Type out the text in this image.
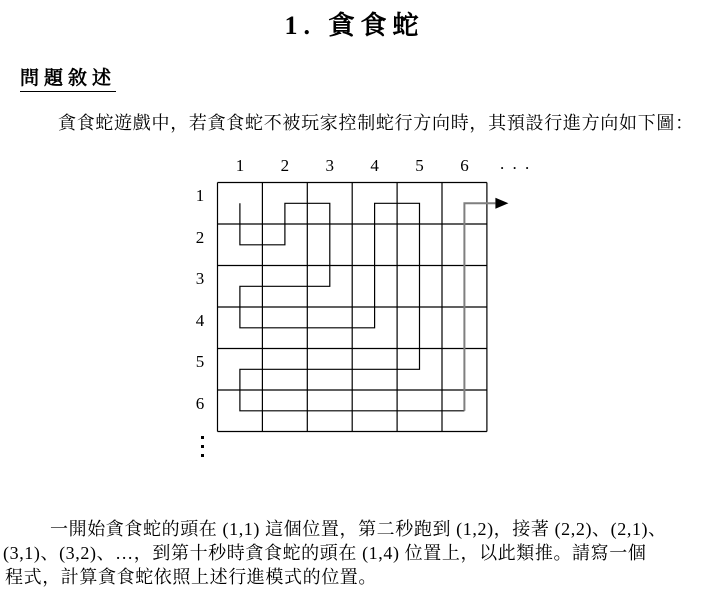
1. 貪食蛇
問題敘述
貪食蛇遊戲中，若貪食蛇不被玩家控制蛇行方向時，其預設行進方向如下圖：
1	2	3	4	5	6	. . .
1
2
3
4
5
6
一開始貪食蛇的頭在 (1,1) 這個位置，第二秒跑到 (1,2)，接著 (2,2)、(2,1)、
(3,1)、(3,2)、…，到第十秒時貪食蛇的頭在 (1,4) 位置上，以此類推。請寫一個
程式，計算貪食蛇依照上述行進模式的位置。
